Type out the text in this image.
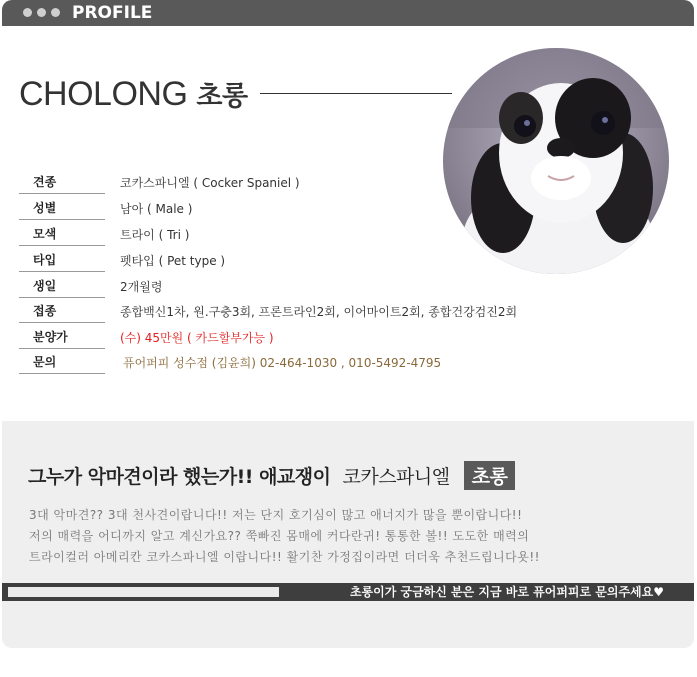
PROFILE
CHOLONG 초롱
견종	코카스파니엘 ( Cocker Spaniel )
성별	남아 ( Male )
모색	트라이 ( Tri )
타입	펫타입 ( Pet type )
생일	2개월령
접종	종합백신1차, 원.구충3회, 프론트라인2회, 이어마이트2회, 종합건강검진2회
분양가	(수) 45만원 ( 카드할부가능 )
문의	퓨어퍼피 성수점 (김윤희) 02-464-1030 , 010-5492-4795
그누가 악마견이라 했는가!! 애교쟁이 코카스파니엘 초롱

3대 악마견?? 3대 천사견이랍니다!! 저는 단지 호기심이 많고 애너지가 많을 뿐이랍니다!!

저의 매력을 어디까지 알고 계신가요?? 쭉빠진 몸매에 커다란귀! 통통한 볼!! 도도한 매력의

트라이컬러 아메리칸 코카스파니엘 이랍니다!! 활기찬 가정집이라면 더더욱 추천드립니다욧!!

초롱이가 궁금하신 분은 지금 바로 퓨어퍼피로 문의주세요♥
